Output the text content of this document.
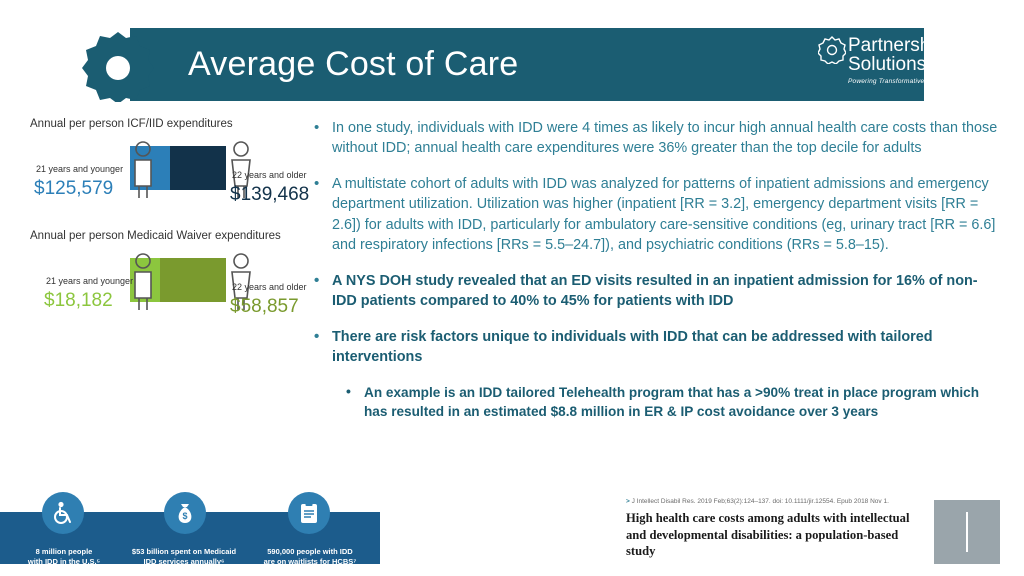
Average Cost of Care	Partnership
Solutions
Powering Transformative I/DD Care
Annual per person ICF/IID expenditures
21 years and younger
$125,579
22 years and older
$139,468
Annual per person Medicaid Waiver expenditures
21 years and younger
$18,182
22 years and older
$58,857
• In one study, individuals with IDD were 4 times as likely to incur high annual health care costs than those without IDD; annual health care expenditures were 36% greater than the top decile for adults
• A multistate cohort of adults with IDD was analyzed for patterns of inpatient admissions and emergency department utilization. Utilization was higher (inpatient [RR = 3.2], emergency department visits [RR = 2.6]) for adults with IDD, particularly for ambulatory care-sensitive conditions (eg, urinary tract [RR = 6.6] and respiratory infections [RRs = 5.5–24.7]), and psychiatric conditions (RRs = 5.8–15).
• A NYS DOH study revealed that an ED visits resulted in an inpatient admission for 16% of non-IDD patients compared to 40% to 45% for patients with IDD
• There are risk factors unique to individuals with IDD that can be addressed with tailored interventions
• An example is an IDD tailored Telehealth program that has a >90% treat in place program which has resulted in an estimated $8.8 million in ER & IP cost avoidance over 3 years
$
8 million people
with IDD in the U.S.⁵
$53 billion spent on Medicaid
IDD services annually⁶
590,000 people with IDD
are on waitlists for HCBS⁷
> J Intellect Disabil Res. 2019 Feb;63(2):124–137. doi: 10.1111/jir.12554. Epub 2018 Nov 1.
High health care costs among adults with intellectual and developmental disabilities: a population-based study
